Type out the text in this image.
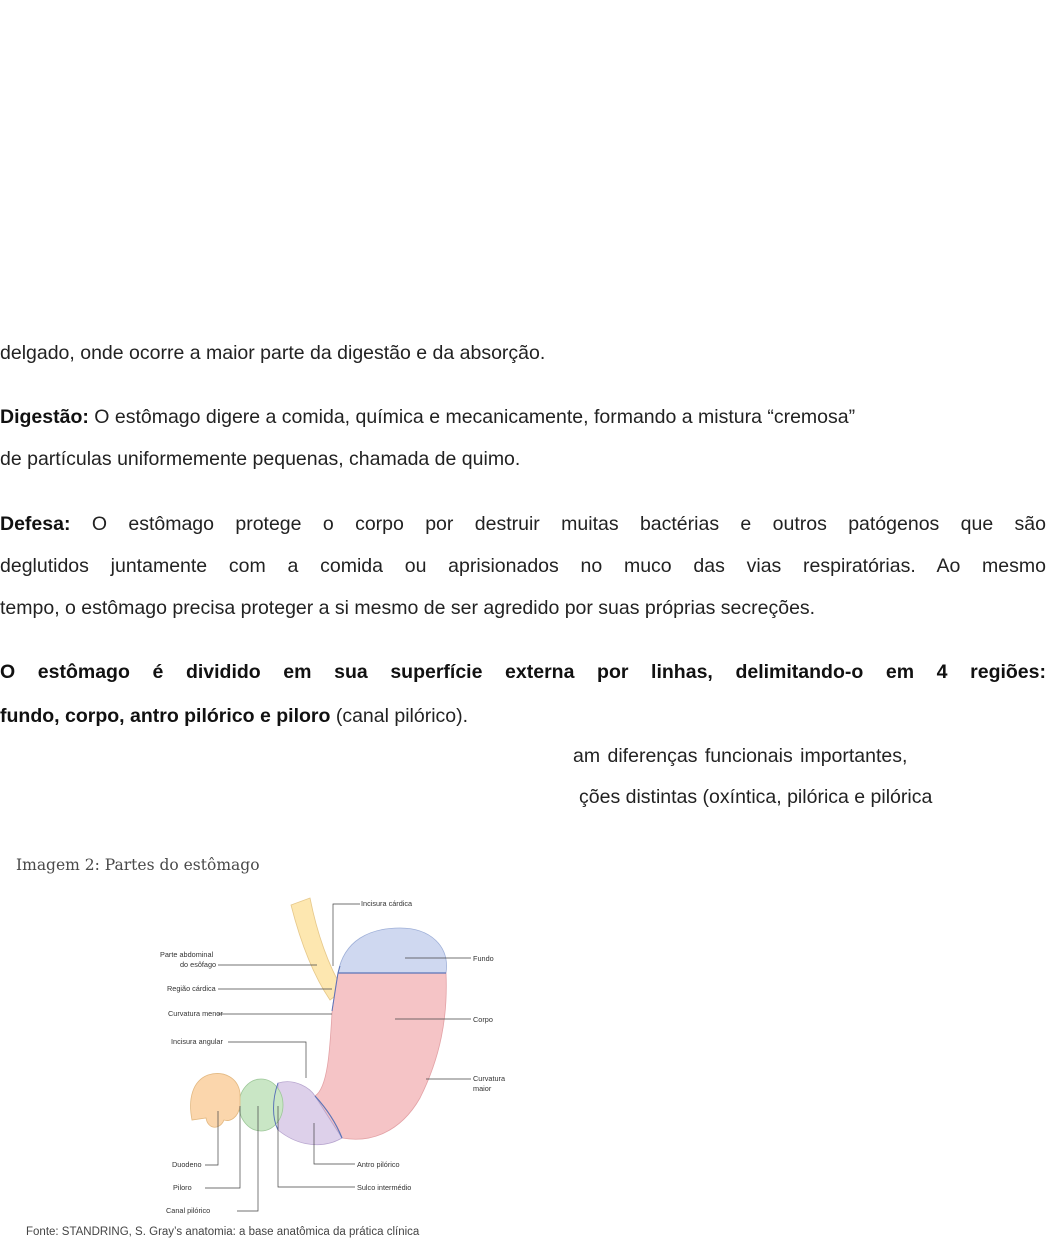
delgado, onde ocorre a maior parte da digestão e da absorção.
Digestão: O estômago digere a comida, química e mecanicamente, formando a mistura “cremosa”
de partículas uniformemente pequenas, chamada de quimo.
Defesa: O estômago protege o corpo por destruir muitas bactérias e outros patógenos que são
deglutidos juntamente com a comida ou aprisionados no muco das vias respiratórias. Ao mesmo
tempo, o estômago precisa proteger a si mesmo de ser agredido por suas próprias secreções.
O estômago é dividido em sua superfície externa por linhas, delimitando-o em 4 regiões:
fundo, corpo, antro pilórico e piloro (canal pilórico).
am diferenças funcionais importantes,
ções distintas (oxíntica, pilórica e pilórica
Incisura cárdica
Parte abdominal
do esôfago
Região cárdica
Curvatura menor
Incisura angular
Fundo
Corpo
Curvatura
maior
Duodeno
Piloro
Canal pilórico
Antro pilórico
Sulco intermédio
Imagem 2: Partes do estômago
Fonte: STANDRING, S. Gray’s anatomia: a base anatômica da prática clínica
